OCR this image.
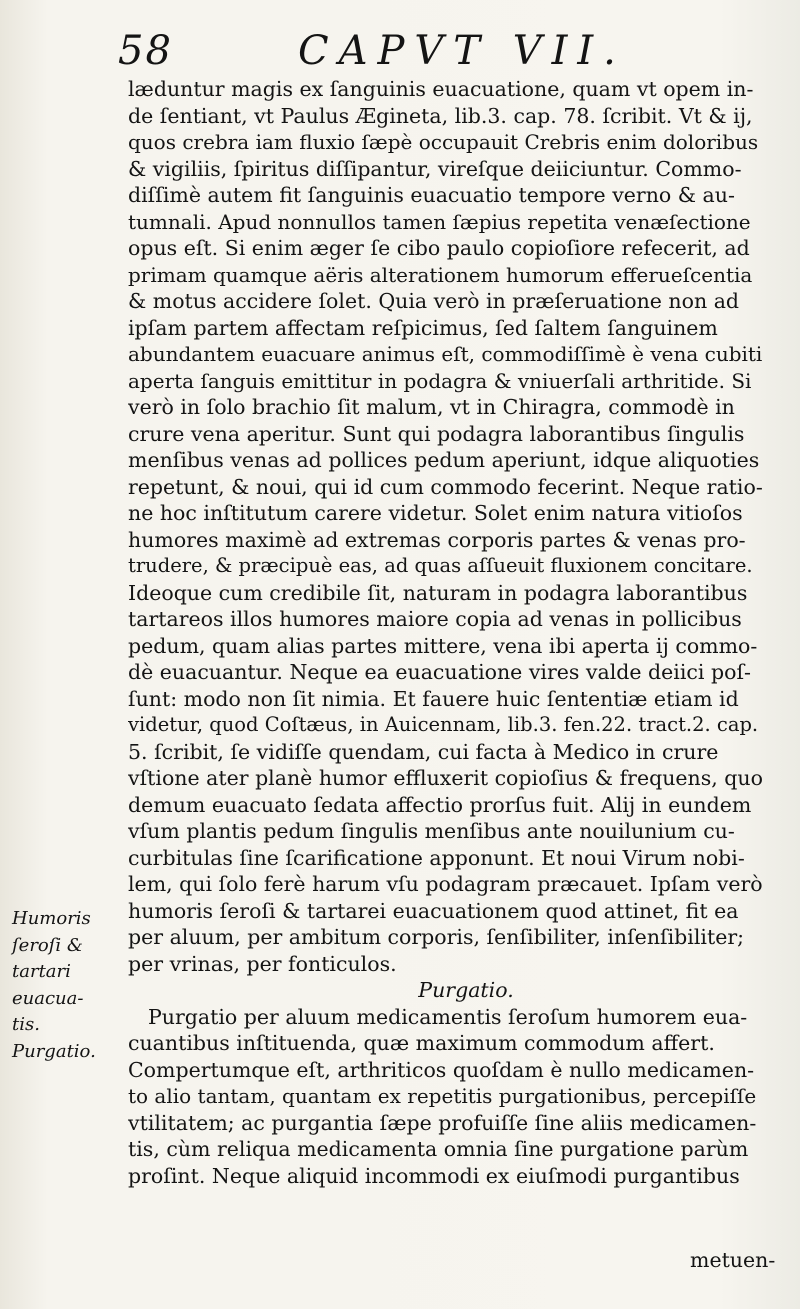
58	CAPVT VII.
Humoris
ſeroſi &
tartari
euacua-
tis.
Purgatio.
læduntur magis ex ſanguinis euacuatione, quam vt opem in-
de ſentiant, vt Paulus Ægineta, lib.3. cap. 78. ſcribit. Vt & ij,
quos crebra iam fluxio ſæpè occupauit Crebris enim doloribus
& vigiliis, ſpiritus diſſipantur, vireſque deiiciuntur. Commo-
diſſimè autem fit ſanguinis euacuatio tempore verno & au-
tumnali. Apud nonnullos tamen ſæpius repetita venæſectione
opus eſt. Si enim æger ſe cibo paulo copioſiore refecerit, ad
primam quamque aëris alterationem humorum efferueſcentia
& motus accidere ſolet. Quia verò in præſeruatione non ad
ipſam partem affectam reſpicimus, ſed ſaltem ſanguinem
abundantem euacuare animus eſt, commodiſſimè è vena cubiti
aperta ſanguis emittitur in podagra & vniuerſali arthritide. Si
verò in ſolo brachio ſit malum, vt in Chiragra, commodè in
crure vena aperitur. Sunt qui podagra laborantibus ſingulis
menſibus venas ad pollices pedum aperiunt, idque aliquoties
repetunt, & noui, qui id cum commodo fecerint. Neque ratio-
ne hoc inſtitutum carere videtur. Solet enim natura vitioſos
humores maximè ad extremas corporis partes & venas pro-
trudere, & præcipuè eas, ad quas aſſueuit fluxionem concitare.
Ideoque cum credibile ſit, naturam in podagra laborantibus
tartareos illos humores maiore copia ad venas in pollicibus
pedum, quam alias partes mittere, vena ibi aperta ij commo-
dè euacuantur. Neque ea euacuatione vires valde deiici poſ-
ſunt: modo non ſit nimia. Et fauere huic ſententiæ etiam id
videtur, quod Coſtæus, in Auicennam, lib.3. fen.22. tract.2. cap.
5. ſcribit, ſe vidiſſe quendam, cui facta à Medico in crure
vſtione ater planè humor effluxerit copioſius & frequens, quo
demum euacuato ſedata affectio prorſus fuit. Alij in eundem
vſum plantis pedum ſingulis menſibus ante nouilunium cu-
curbitulas ſine ſcarificatione apponunt. Et noui Virum nobi-
lem, qui ſolo ferè harum vſu podagram præcauet. Ipſam verò
humoris ſeroſi & tartarei euacuationem quod attinet, fit ea
per aluum, per ambitum corporis, ſenſibiliter, inſenſibiliter;
per vrinas, per fonticulos.
Purgatio.
Purgatio per aluum medicamentis ſeroſum humorem eua-
cuantibus inſtituenda, quæ maximum commodum affert.
Compertumque eſt, arthriticos quoſdam è nullo medicamen-
to alio tantam, quantam ex repetitis purgationibus, percepiſſe
vtilitatem; ac purgantia ſæpe profuiſſe ſine aliis medicamen-
tis, cùm reliqua medicamenta omnia ſine purgatione parùm
proſint. Neque aliquid incommodi ex eiuſmodi purgantibus
metuen-
